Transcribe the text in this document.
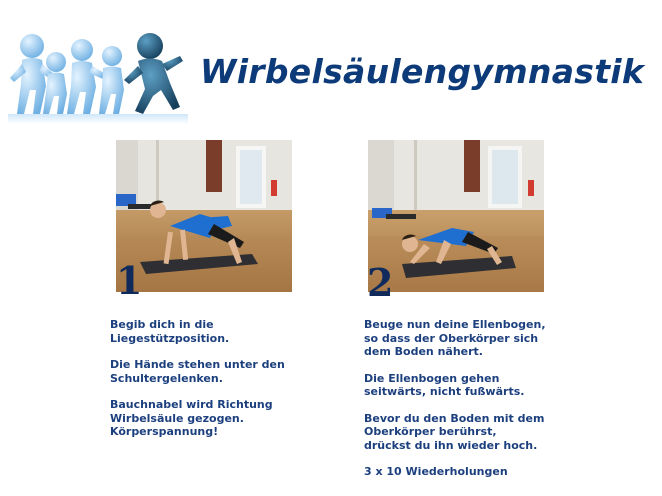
Wirbelsäulengymnastik
1	2

Begib dich in die
Liegestützposition.

Die Hände stehen unter den
Schultergelenken.

Bauchnabel wird Richtung
Wirbelsäule gezogen.
Körperspannung!

Beuge nun deine Ellenbogen,
so dass der Oberkörper sich
dem Boden nähert.

Die Ellenbogen gehen
seitwärts, nicht fußwärts.

Bevor du den Boden mit dem
Oberkörper berührst,
drückst du ihn wieder hoch.

3 x 10 Wiederholungen
